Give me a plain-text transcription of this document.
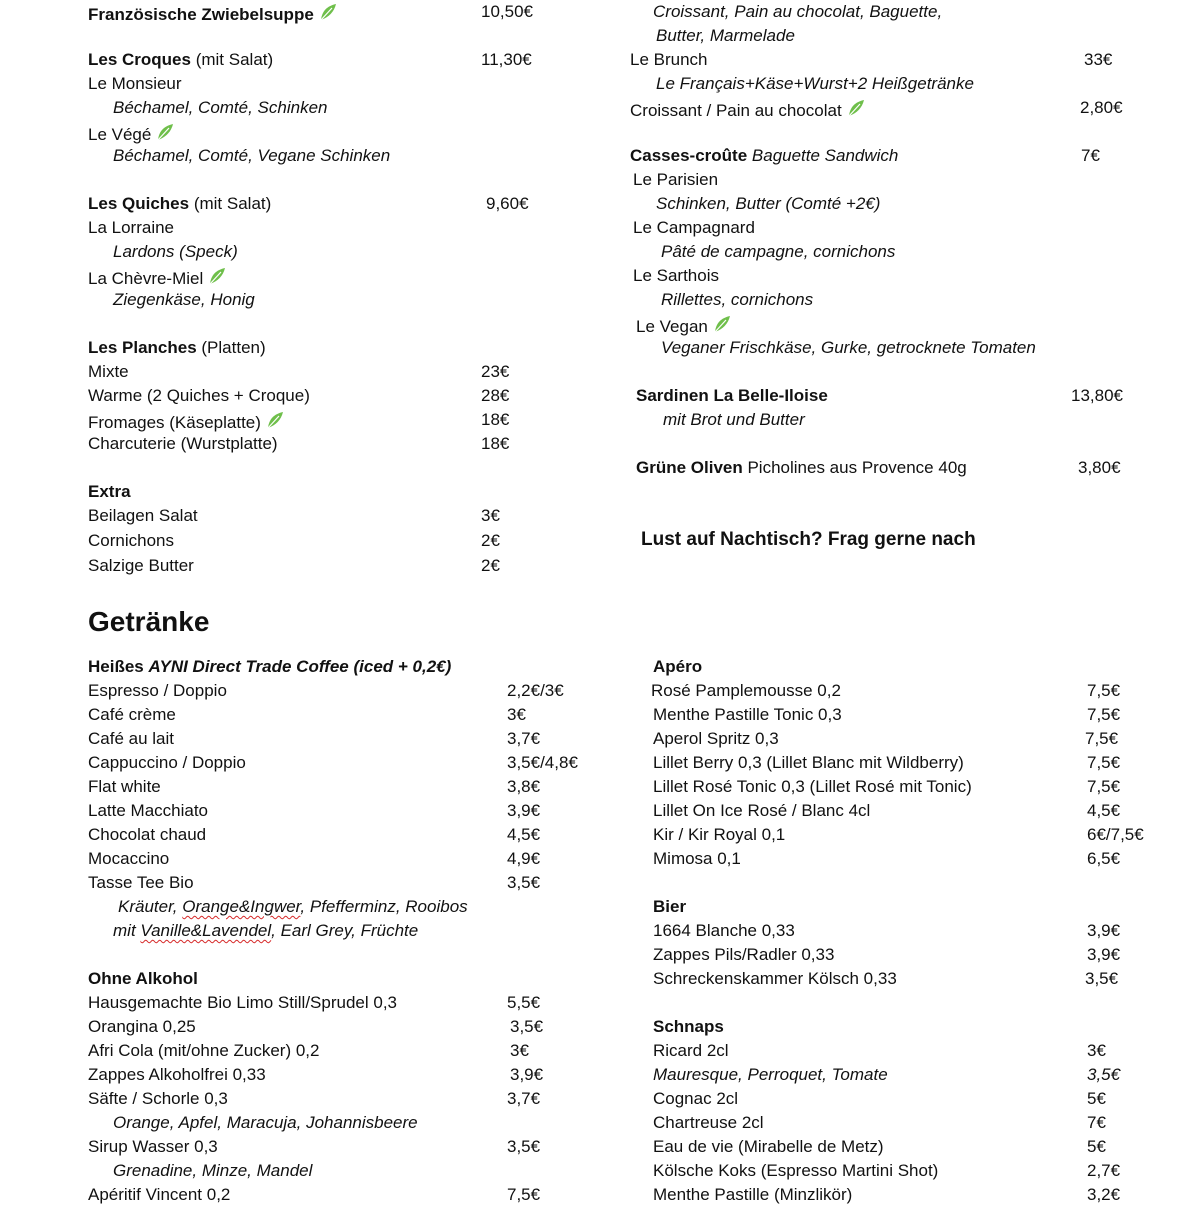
Französische Zwiebelsuppe	10,50€
Les Croques (mit Salat)	11,30€
Le Monsieur
Béchamel, Comté, Schinken
Le Végé
Béchamel, Comté, Vegane Schinken
Les Quiches (mit Salat)	9,60€
La Lorraine
Lardons (Speck)
La Chèvre-Miel
Ziegenkäse, Honig
Les Planches (Platten)
Mixte	23€
Warme (2 Quiches + Croque)	28€
Fromages (Käseplatte)	18€
Charcuterie (Wurstplatte)	18€
Extra
Beilagen Salat	3€
Cornichons	2€
Salzige Butter	2€
Croissant, Pain au chocolat, Baguette,
Butter, Marmelade
Le Brunch	33€
Le Français+Käse+Wurst+2 Heißgetränke
Croissant / Pain au chocolat	2,80€
Casses-croûte Baguette Sandwich	7€
Le Parisien
Schinken, Butter (Comté +2€)
Le Campagnard
Pâté de campagne, cornichons
Le Sarthois
Rillettes, cornichons
Le Vegan
Veganer Frischkäse, Gurke, getrocknete Tomaten
Sardinen La Belle-Iloise	13,80€
mit Brot und Butter
Grüne Oliven Picholines aus Provence 40g	3,80€
Lust auf Nachtisch? Frag gerne nach
Getränke
Heißes AYNI Direct Trade Coffee (iced + 0,2€)
Espresso / Doppio	2,2€/3€
Café crème	3€
Café au lait	3,7€
Cappuccino / Doppio	3,5€/4,8€
Flat white	3,8€
Latte Macchiato	3,9€
Chocolat chaud	4,5€
Mocaccino	4,9€
Tasse Tee Bio	3,5€
Kräuter, Orange&Ingwer, Pfefferminz, Rooibos
mit Vanille&Lavendel, Earl Grey, Früchte
Ohne Alkohol
Hausgemachte Bio Limo Still/Sprudel 0,3	5,5€
Orangina 0,25	3,5€
Afri Cola (mit/ohne Zucker) 0,2	3€
Zappes Alkoholfrei 0,33	3,9€
Säfte / Schorle 0,3	3,7€
Orange, Apfel, Maracuja, Johannisbeere
Sirup Wasser 0,3	3,5€
Grenadine, Minze, Mandel
Apéritif Vincent 0,2	7,5€
Apéro
Rosé Pamplemousse 0,2	7,5€
Menthe Pastille Tonic 0,3	7,5€
Aperol Spritz 0,3	7,5€
Lillet Berry 0,3 (Lillet Blanc mit Wildberry)	7,5€
Lillet Rosé Tonic 0,3 (Lillet Rosé mit Tonic)	7,5€
Lillet On Ice Rosé / Blanc 4cl	4,5€
Kir / Kir Royal 0,1	6€/7,5€
Mimosa 0,1	6,5€
Bier
1664 Blanche 0,33	3,9€
Zappes Pils/Radler 0,33	3,9€
Schreckenskammer Kölsch 0,33	3,5€
Schnaps
Ricard 2cl	3€
Mauresque, Perroquet, Tomate	3,5€
Cognac 2cl	5€
Chartreuse 2cl	7€
Eau de vie (Mirabelle de Metz)	5€
Kölsche Koks (Espresso Martini Shot)	2,7€
Menthe Pastille (Minzlikör)	3,2€
